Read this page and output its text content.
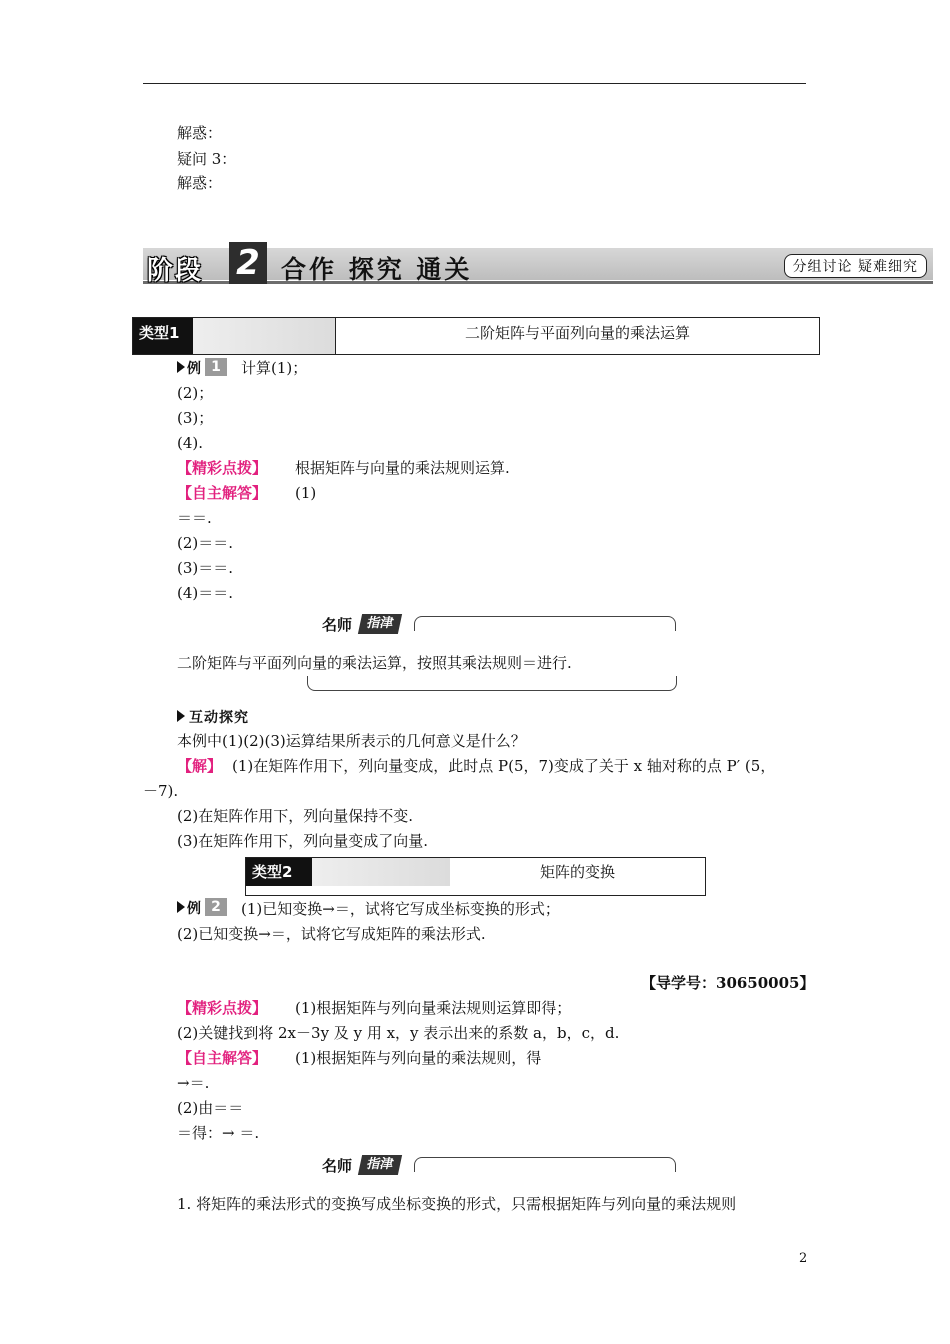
解惑：
疑问 3：
解惑：
阶段 2 合作 探究 通关	分组讨论 疑难细究
类型1	二阶矩阵与平面列向量的乘法运算
例 1	计算(1)；
(2)；
(3)；
(4).
【精彩点拨】 根据矩阵与向量的乘法规则运算.
【自主解答】 (1)
＝＝.
(2)＝＝.
(3)＝＝.
(4)＝＝.
名师	指津
二阶矩阵与平面列向量的乘法运算，按照其乘法规则＝进行.
互动探究
本例中(1)(2)(3)运算结果所表示的几何意义是什么？
【解】 (1)在矩阵作用下，列向量变成，此时点 P(5，7)变成了关于 x 轴对称的点 P′ (5，
－7).
(2)在矩阵作用下，列向量保持不变.
(3)在矩阵作用下，列向量变成了向量.
类型2	矩阵的变换
例 2	(1)已知变换→＝，试将它写成坐标变换的形式；
(2)已知变换→＝，试将它写成矩阵的乘法形式.
【导学号：30650005】
【精彩点拨】 (1)根据矩阵与列向量乘法规则运算即得；
(2)关键找到将 2x－3y 及 y 用 x，y 表示出来的系数 a，b，c，d.
【自主解答】 (1)根据矩阵与列向量的乘法规则，得
→＝.
(2)由＝＝
＝得：→ ＝.
名师	指津
1. 将矩阵的乘法形式的变换写成坐标变换的形式，只需根据矩阵与列向量的乘法规则
2
